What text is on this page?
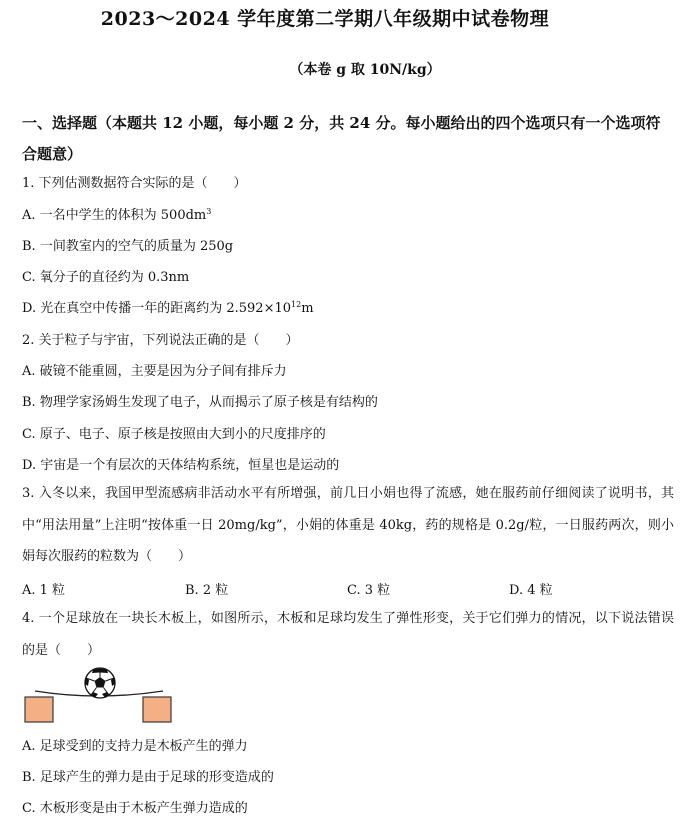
2023～2024 学年度第二学期八年级期中试卷物理
（本卷 g 取 10N/kg）
一、选择题（本题共 12 小题，每小题 2 分，共 24 分。每小题给出的四个选项只有一个选项符合题意）
1. 下列估测数据符合实际的是（　　）
A. 一名中学生的体积为 $500dm^3$
B. 一间教室内的空气的质量为 250g
C. 氧分子的直径约为 0.3nm
D. 光在真空中传播一年的距离约为 $2.592\times 10^{12}m$
2. 关于粒子与宇宙，下列说法正确的是（　　）
A. 破镜不能重圆，主要是因为分子间有排斥力
B. 物理学家汤姆生发现了电子，从而揭示了原子核是有结构的
C. 原子、电子、原子核是按照由大到小的尺度排序的
D. 宇宙是一个有层次的天体结构系统，恒星也是运动的
3. 入冬以来，我国甲型流感病非活动水平有所增强，前几日小娟也得了流感，她在服药前仔细阅读了说明书，其中“用法用量”上注明“按体重一日 20mg/kg”，小娟的体重是 40kg，药的规格是 0.2g/粒，一日服药两次，则小娟每次服药的粒数为（　　）
A. 1 粒	B. 2 粒	C. 3 粒	D. 4 粒
4. 一个足球放在一块长木板上，如图所示，木板和足球均发生了弹性形变，关于它们弹力的情况，以下说法错误的是（　　）
A. 足球受到的支持力是木板产生的弹力
B. 足球产生的弹力是由于足球的形变造成的
C. 木板形变是由于木板产生弹力造成的
